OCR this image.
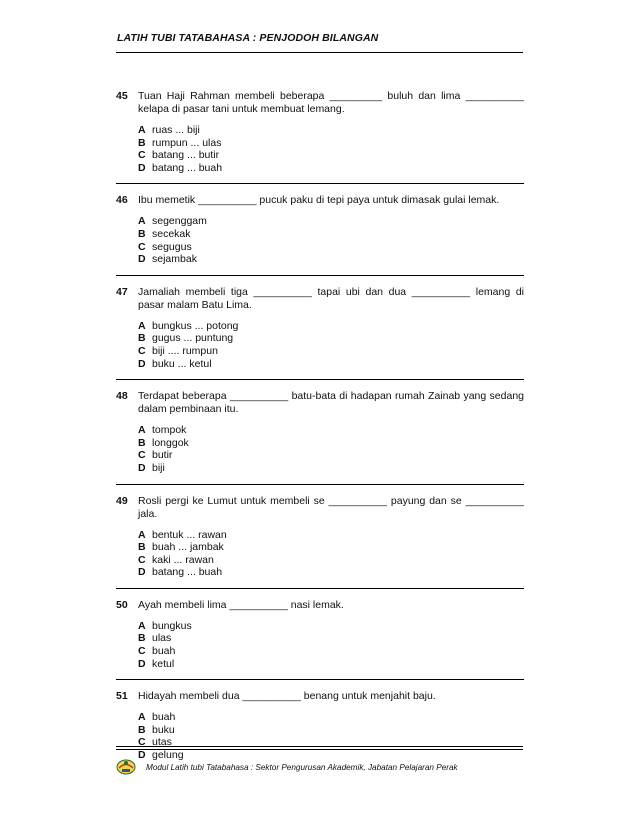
LATIH TUBI TATABAHASA : PENJODOH BILANGAN
45 Tuan Haji Rahman membeli beberapa _________ buluh dan lima __________ kelapa di pasar tani untuk membuat lemang.
A ruas ... biji
B rumpun ... ulas
C batang ... butir
D batang ... buah
46 Ibu memetik __________ pucuk paku di tepi paya untuk dimasak gulai lemak.
A segenggam
B secekak
C segugus
D sejambak
47 Jamaliah membeli tiga __________ tapai ubi dan dua __________ lemang di pasar malam Batu Lima.
A bungkus ... potong
B gugus ... puntung
C biji .... rumpun
D buku ... ketul
48 Terdapat beberapa __________ batu-bata di hadapan rumah Zainab yang sedang dalam pembinaan itu.
A tompok
B longgok
C butir
D biji
49 Rosli pergi ke Lumut untuk membeli se __________ payung dan se __________ jala.
A bentuk ... rawan
B buah ... jambak
C kaki ... rawan
D batang ... buah
50 Ayah membeli lima __________ nasi lemak.
A bungkus
B ulas
C buah
D ketul
51 Hidayah membeli dua __________ benang untuk menjahit baju.
A buah
B buku
C utas
D gelung
Modul Latih tubi Tatabahasa : Sektor Pengurusan Akademik, Jabatan Pelajaran Perak
